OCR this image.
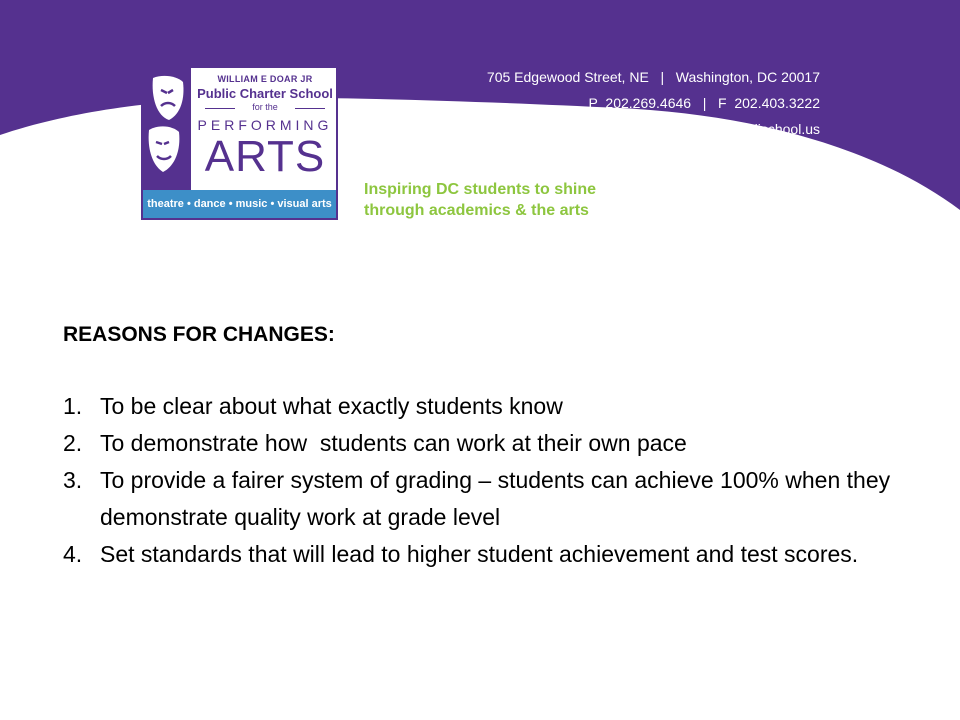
WILLIAM E DOAR JR
Public Charter School
for the
PERFORMING
ARTS
theatre • dance • music • visual arts
705 Edgewood Street, NE   |   Washington, DC 20017
P  202.269.4646   |   F  202.403.3222
www.wedjschool.us
Inspiring DC students to shine
through academics & the arts
REASONS FOR CHANGES:
1. To be clear about what exactly students know
2. To demonstrate how  students can work at their own pace
3. To provide a fairer system of grading – students can achieve 100% when they demonstrate quality work at grade level
4. Set standards that will lead to higher student achievement and test scores.
